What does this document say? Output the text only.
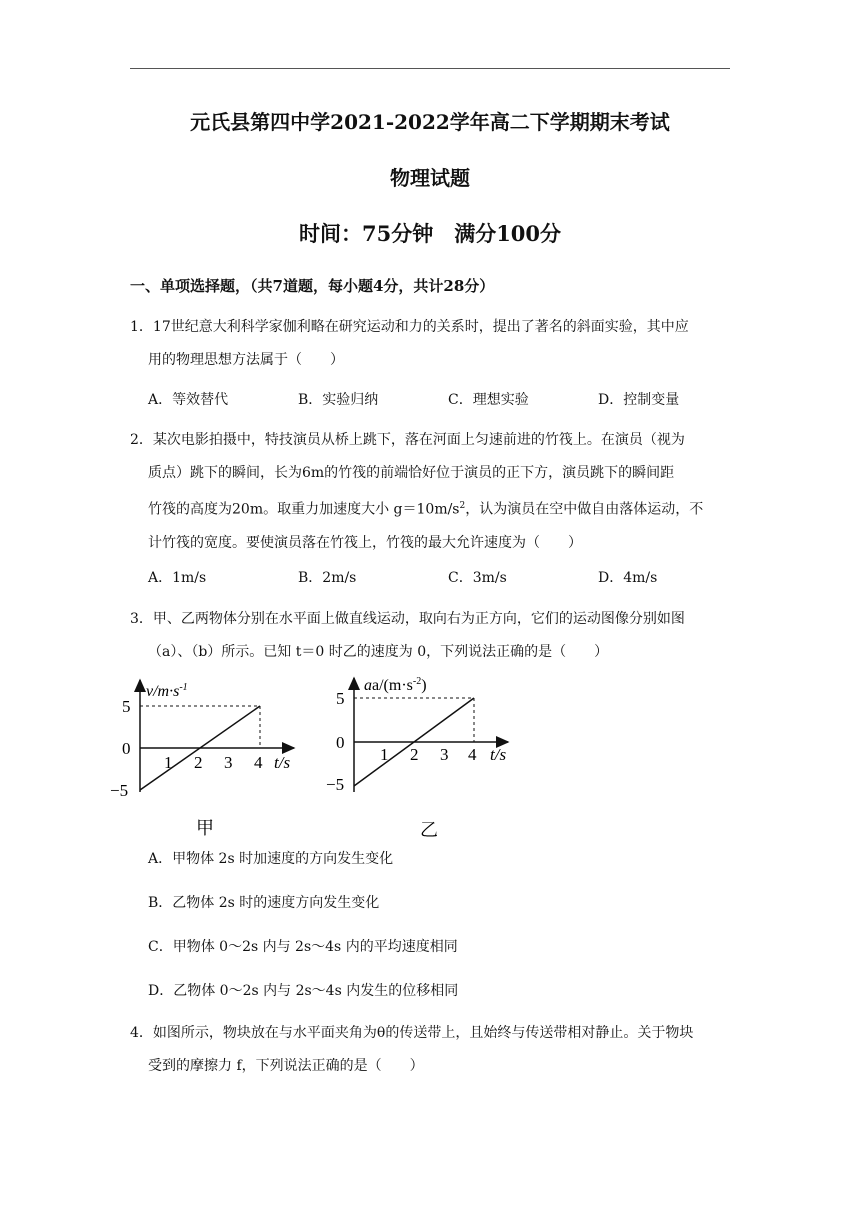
元氏县第四中学2021-2022学年高二下学期期末考试
物理试题
时间：75分钟　满分100分
一、单项选择题，（共7道题，每小题4分，共计28分）
1．17世纪意大利科学家伽利略在研究运动和力的关系时，提出了著名的斜面实验，其中应
用的物理思想方法属于（　　）
A．等效替代	B．实验归纳	C．理想实验	D．控制变量
2．某次电影拍摄中，特技演员从桥上跳下，落在河面上匀速前进的竹筏上。在演员（视为
质点）跳下的瞬间，长为6m的竹筏的前端恰好位于演员的正下方，演员跳下的瞬间距
竹筏的高度为20m。取重力加速度大小 $g=10m/s^2$，认为演员在空中做自由落体运动，不
计竹筏的宽度。要使演员落在竹筏上，竹筏的最大允许速度为（　　）
A．1m/s	B．2m/s	C．3m/s	D．4m/s
3．甲、乙两物体分别在水平面上做直线运动，取向右为正方向，它们的运动图像分别如图
（a）、（b）所示。已知 t＝0 时乙的速度为 0，下列说法正确的是（　　）
$v/m\cdot s^{-1}$
5
0
−5
1 2 3 4 t/s
甲
$aa/(m\cdot s^{-2})$
5
0
−5
1 2 3 4 t/s
乙
A．甲物体 2s 时加速度的方向发生变化
B．乙物体 2s 时的速度方向发生变化
C．甲物体 0～2s 内与 2s～4s 内的平均速度相同
D．乙物体 0～2s 内与 2s～4s 内发生的位移相同
4．如图所示，物块放在与水平面夹角为θ的传送带上，且始终与传送带相对静止。关于物块
受到的摩擦力 f，下列说法正确的是（　　）
